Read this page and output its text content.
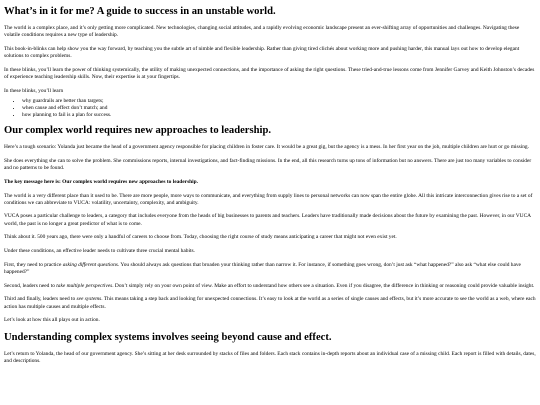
What’s in it for me? A guide to success in an unstable world.

The world is a complex place, and it’s only getting more complicated. New technologies, changing social attitudes, and a rapidly evolving economic landscape present an ever-shifting array of opportunities and challenges. Navigating these volatile conditions requires a new type of leadership.

This book-in-blinks can help show you the way forward, by teaching you the subtle art of nimble and flexible leadership. Rather than giving tired clichés about working more and pushing harder, this manual lays out how to develop elegant solutions to complex problems.

In these blinks, you’ll learn the power of thinking systemically, the utility of making unexpected connections, and the importance of asking the right questions. These tried-and-true lessons come from Jennifer Garvey and Keith Johnston’s decades of experience teaching leadership skills. Now, their expertise is at your fingertips.

In these blinks, you’ll learn

• why guardrails are better than targets;
• when cause and effect don’t match; and
• how planning to fail is a plan for success.
Our complex world requires new approaches to leadership.

Here’s a tough scenario: Yolanda just became the head of a government agency responsible for placing children in foster care. It would be a great gig, but the agency is a mess. In her first year on the job, multiple children are hurt or go missing.

She does everything she can to solve the problem. She commissions reports, internal investigations, and fact-finding missions. In the end, all this research turns up tons of information but no answers. There are just too many variables to consider and no patterns to be found.

The key message here is: Our complex world requires new approaches to leadership.

The world is a very different place than it used to be. There are more people, more ways to communicate, and everything from supply lines to personal networks can now span the entire globe. All this intricate interconnection gives rise to a set of conditions we can abbreviate to VUCA: volatility, uncertainty, complexity, and ambiguity.

VUCA poses a particular challenge to leaders, a category that includes everyone from the heads of big businesses to parents and teachers. Leaders have traditionally made decisions about the future by examining the past. However, in our VUCA world, the past is no longer a great predictor of what is to come.

Think about it. 500 years ago, there were only a handful of careers to choose from. Today, choosing the right course of study means anticipating a career that might not even exist yet.

Under these conditions, an effective leader needs to cultivate three crucial mental habits.

First, they need to practice asking different questions. You should always ask questions that broaden your thinking rather than narrow it. For instance, if something goes wrong, don’t just ask “what happened?” also ask “what else could have happened?”

Second, leaders need to take multiple perspectives. Don’t simply rely on your own point of view. Make an effort to understand how others see a situation. Even if you disagree, the difference in thinking or reasoning could provide valuable insight.

Third and finally, leaders need to see systems. This means taking a step back and looking for unexpected connections. It’s easy to look at the world as a series of single causes and effects, but it’s more accurate to see the world as a web, where each action has multiple causes and multiple effects.

Let’s look at how this all plays out in action.

Understanding complex systems involves seeing beyond cause and effect.

Let’s return to Yolanda, the head of our government agency. She’s sitting at her desk surrounded by stacks of files and folders. Each stack contains in-depth reports about an individual case of a missing child. Each report is filled with details, dates, and descriptions.
